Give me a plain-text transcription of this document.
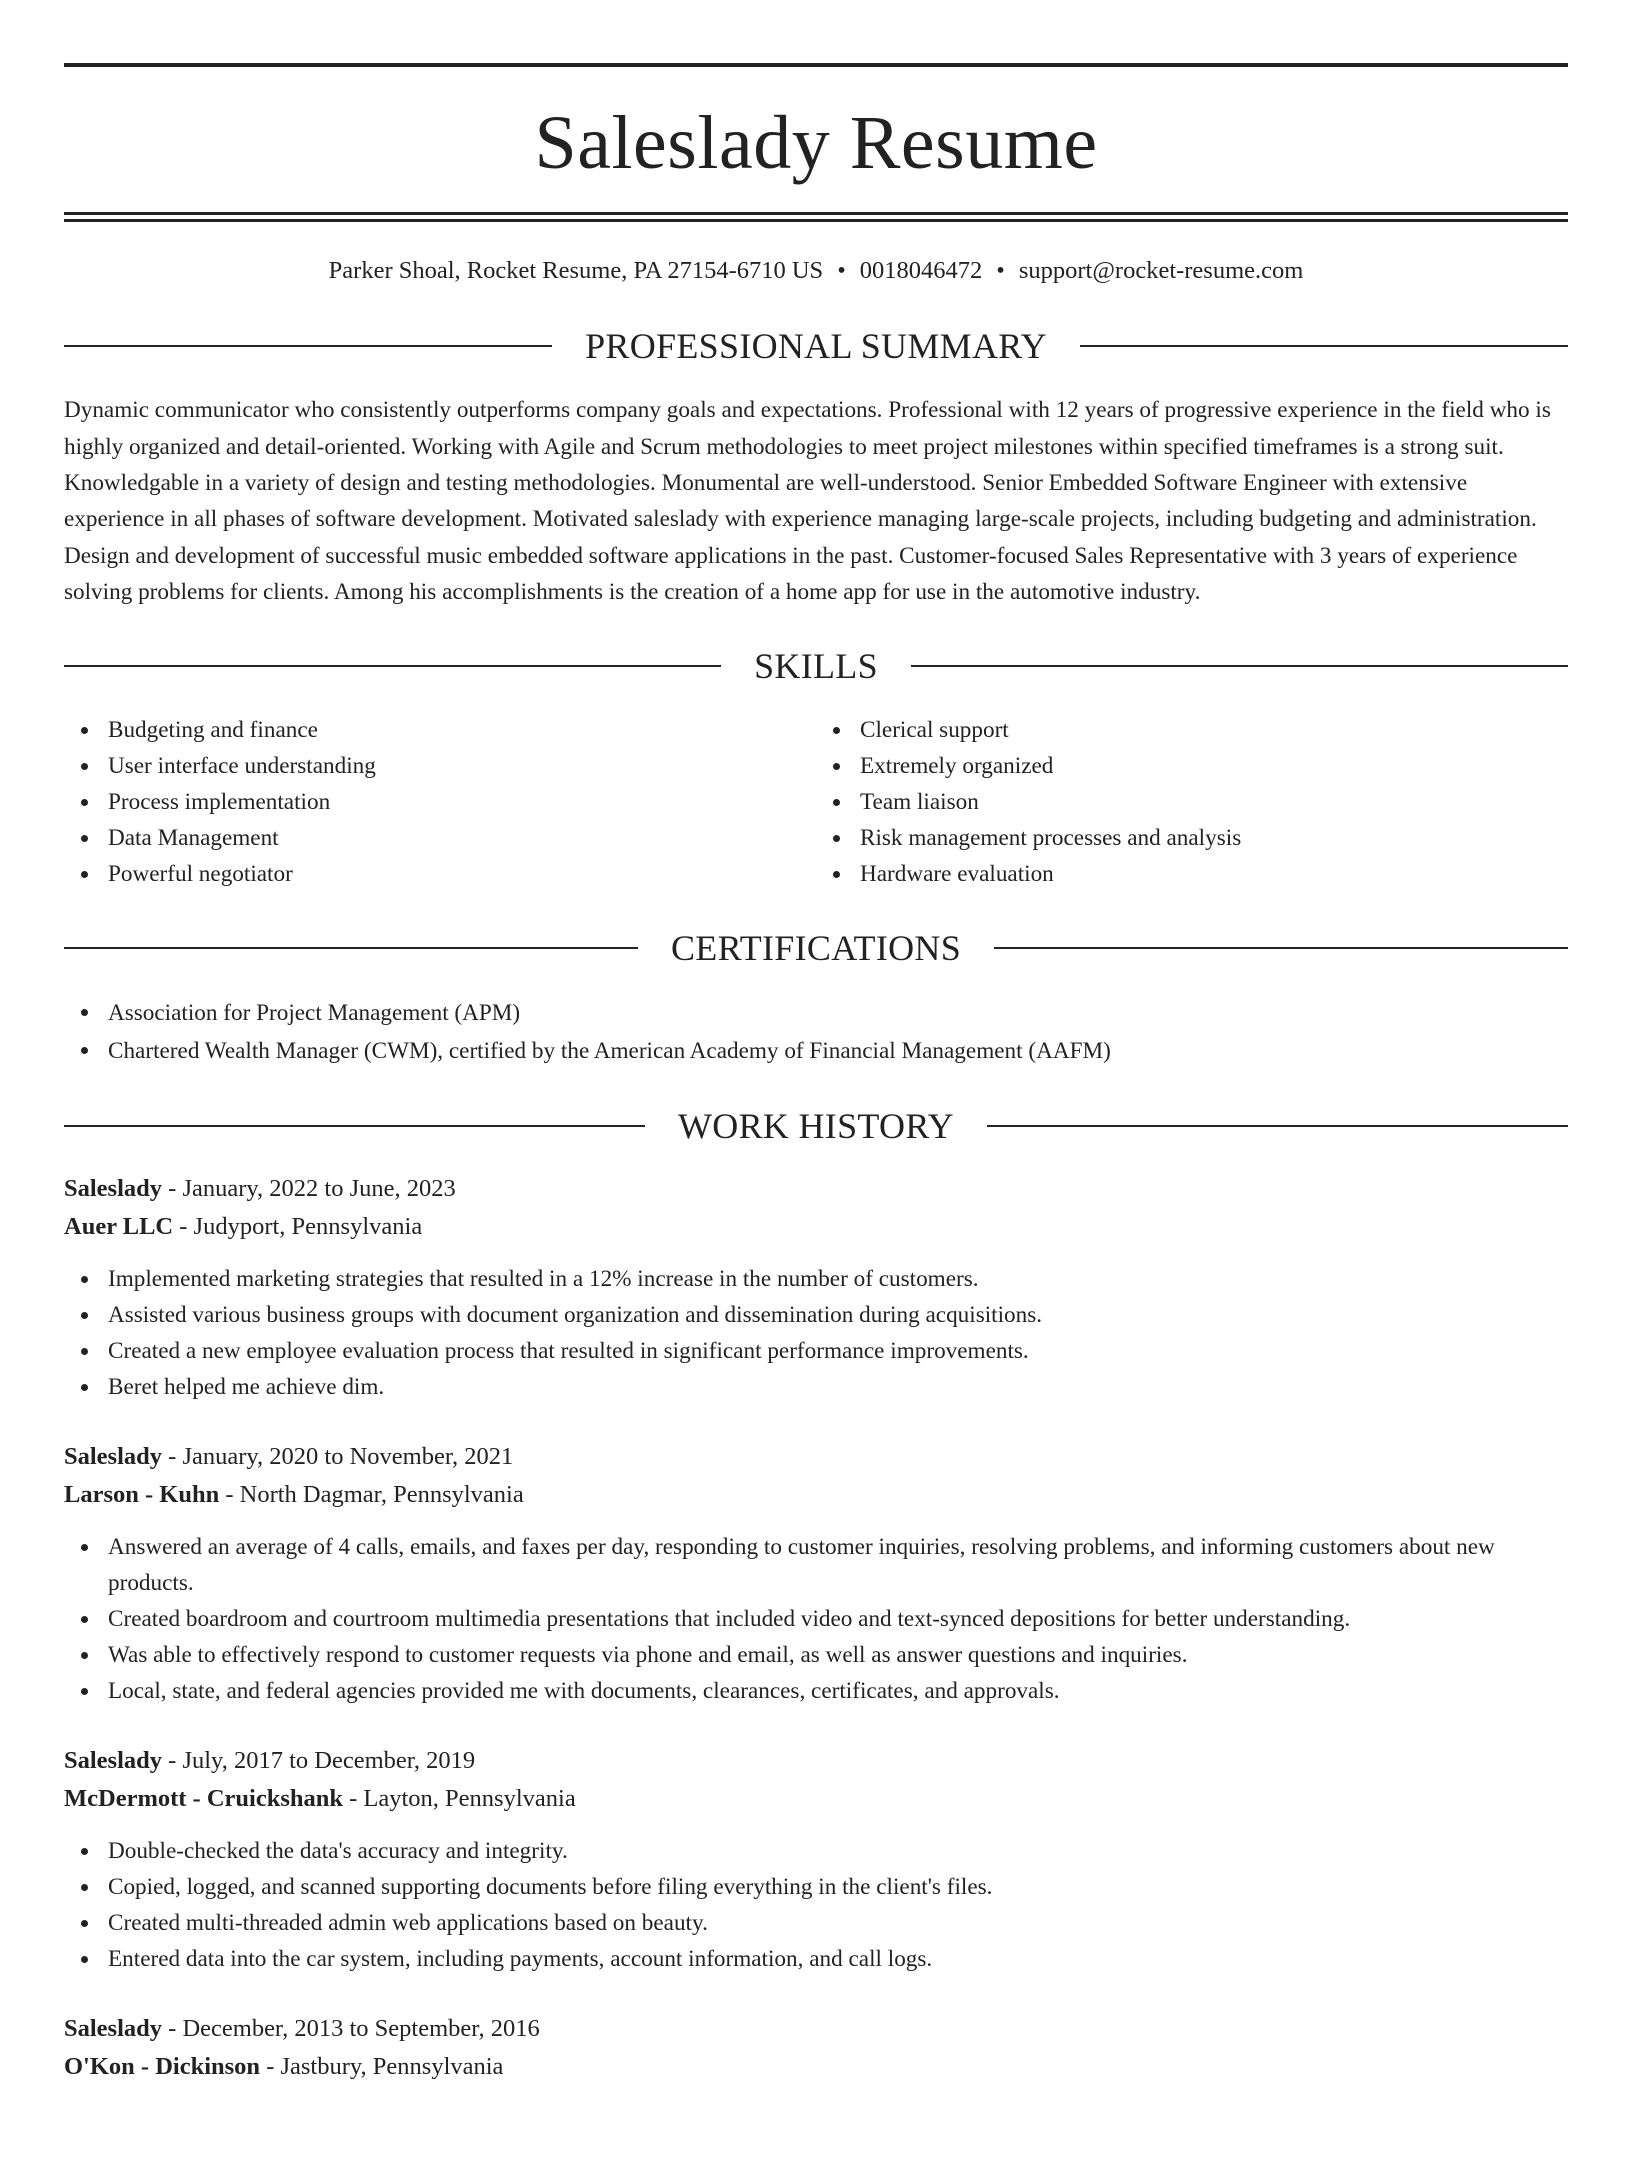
Saleslady Resume
Parker Shoal, Rocket Resume, PA 27154-6710 US • 0018046472 • support@rocket-resume.com
PROFESSIONAL SUMMARY

Dynamic communicator who consistently outperforms company goals and expectations. Professional with 12 years of progressive experience in the field who is highly organized and detail-oriented. Working with Agile and Scrum methodologies to meet project milestones within specified timeframes is a strong suit. Knowledgable in a variety of design and testing methodologies. Monumental are well-understood. Senior Embedded Software Engineer with extensive experience in all phases of software development. Motivated saleslady with experience managing large-scale projects, including budgeting and administration. Design and development of successful music embedded software applications in the past. Customer-focused Sales Representative with 3 years of experience solving problems for clients. Among his accomplishments is the creation of a home app for use in the automotive industry.

SKILLS
Budgeting and finance
User interface understanding
Process implementation
Data Management
Powerful negotiator
Clerical support
Extremely organized
Team liaison
Risk management processes and analysis
Hardware evaluation
CERTIFICATIONS
Association for Project Management (APM)
Chartered Wealth Manager (CWM), certified by the American Academy of Financial Management (AAFM)
WORK HISTORY
Saleslady - January, 2022 to June, 2023
Auer LLC - Judyport, Pennsylvania
Implemented marketing strategies that resulted in a 12% increase in the number of customers.
Assisted various business groups with document organization and dissemination during acquisitions.
Created a new employee evaluation process that resulted in significant performance improvements.
Beret helped me achieve dim.
Saleslady - January, 2020 to November, 2021
Larson - Kuhn - North Dagmar, Pennsylvania
Answered an average of 4 calls, emails, and faxes per day, responding to customer inquiries, resolving problems, and informing customers about new products.
Created boardroom and courtroom multimedia presentations that included video and text-synced depositions for better understanding.
Was able to effectively respond to customer requests via phone and email, as well as answer questions and inquiries.
Local, state, and federal agencies provided me with documents, clearances, certificates, and approvals.
Saleslady - July, 2017 to December, 2019
McDermott - Cruickshank - Layton, Pennsylvania
Double-checked the data's accuracy and integrity.
Copied, logged, and scanned supporting documents before filing everything in the client's files.
Created multi-threaded admin web applications based on beauty.
Entered data into the car system, including payments, account information, and call logs.
Saleslady - December, 2013 to September, 2016
O'Kon - Dickinson - Jastbury, Pennsylvania
